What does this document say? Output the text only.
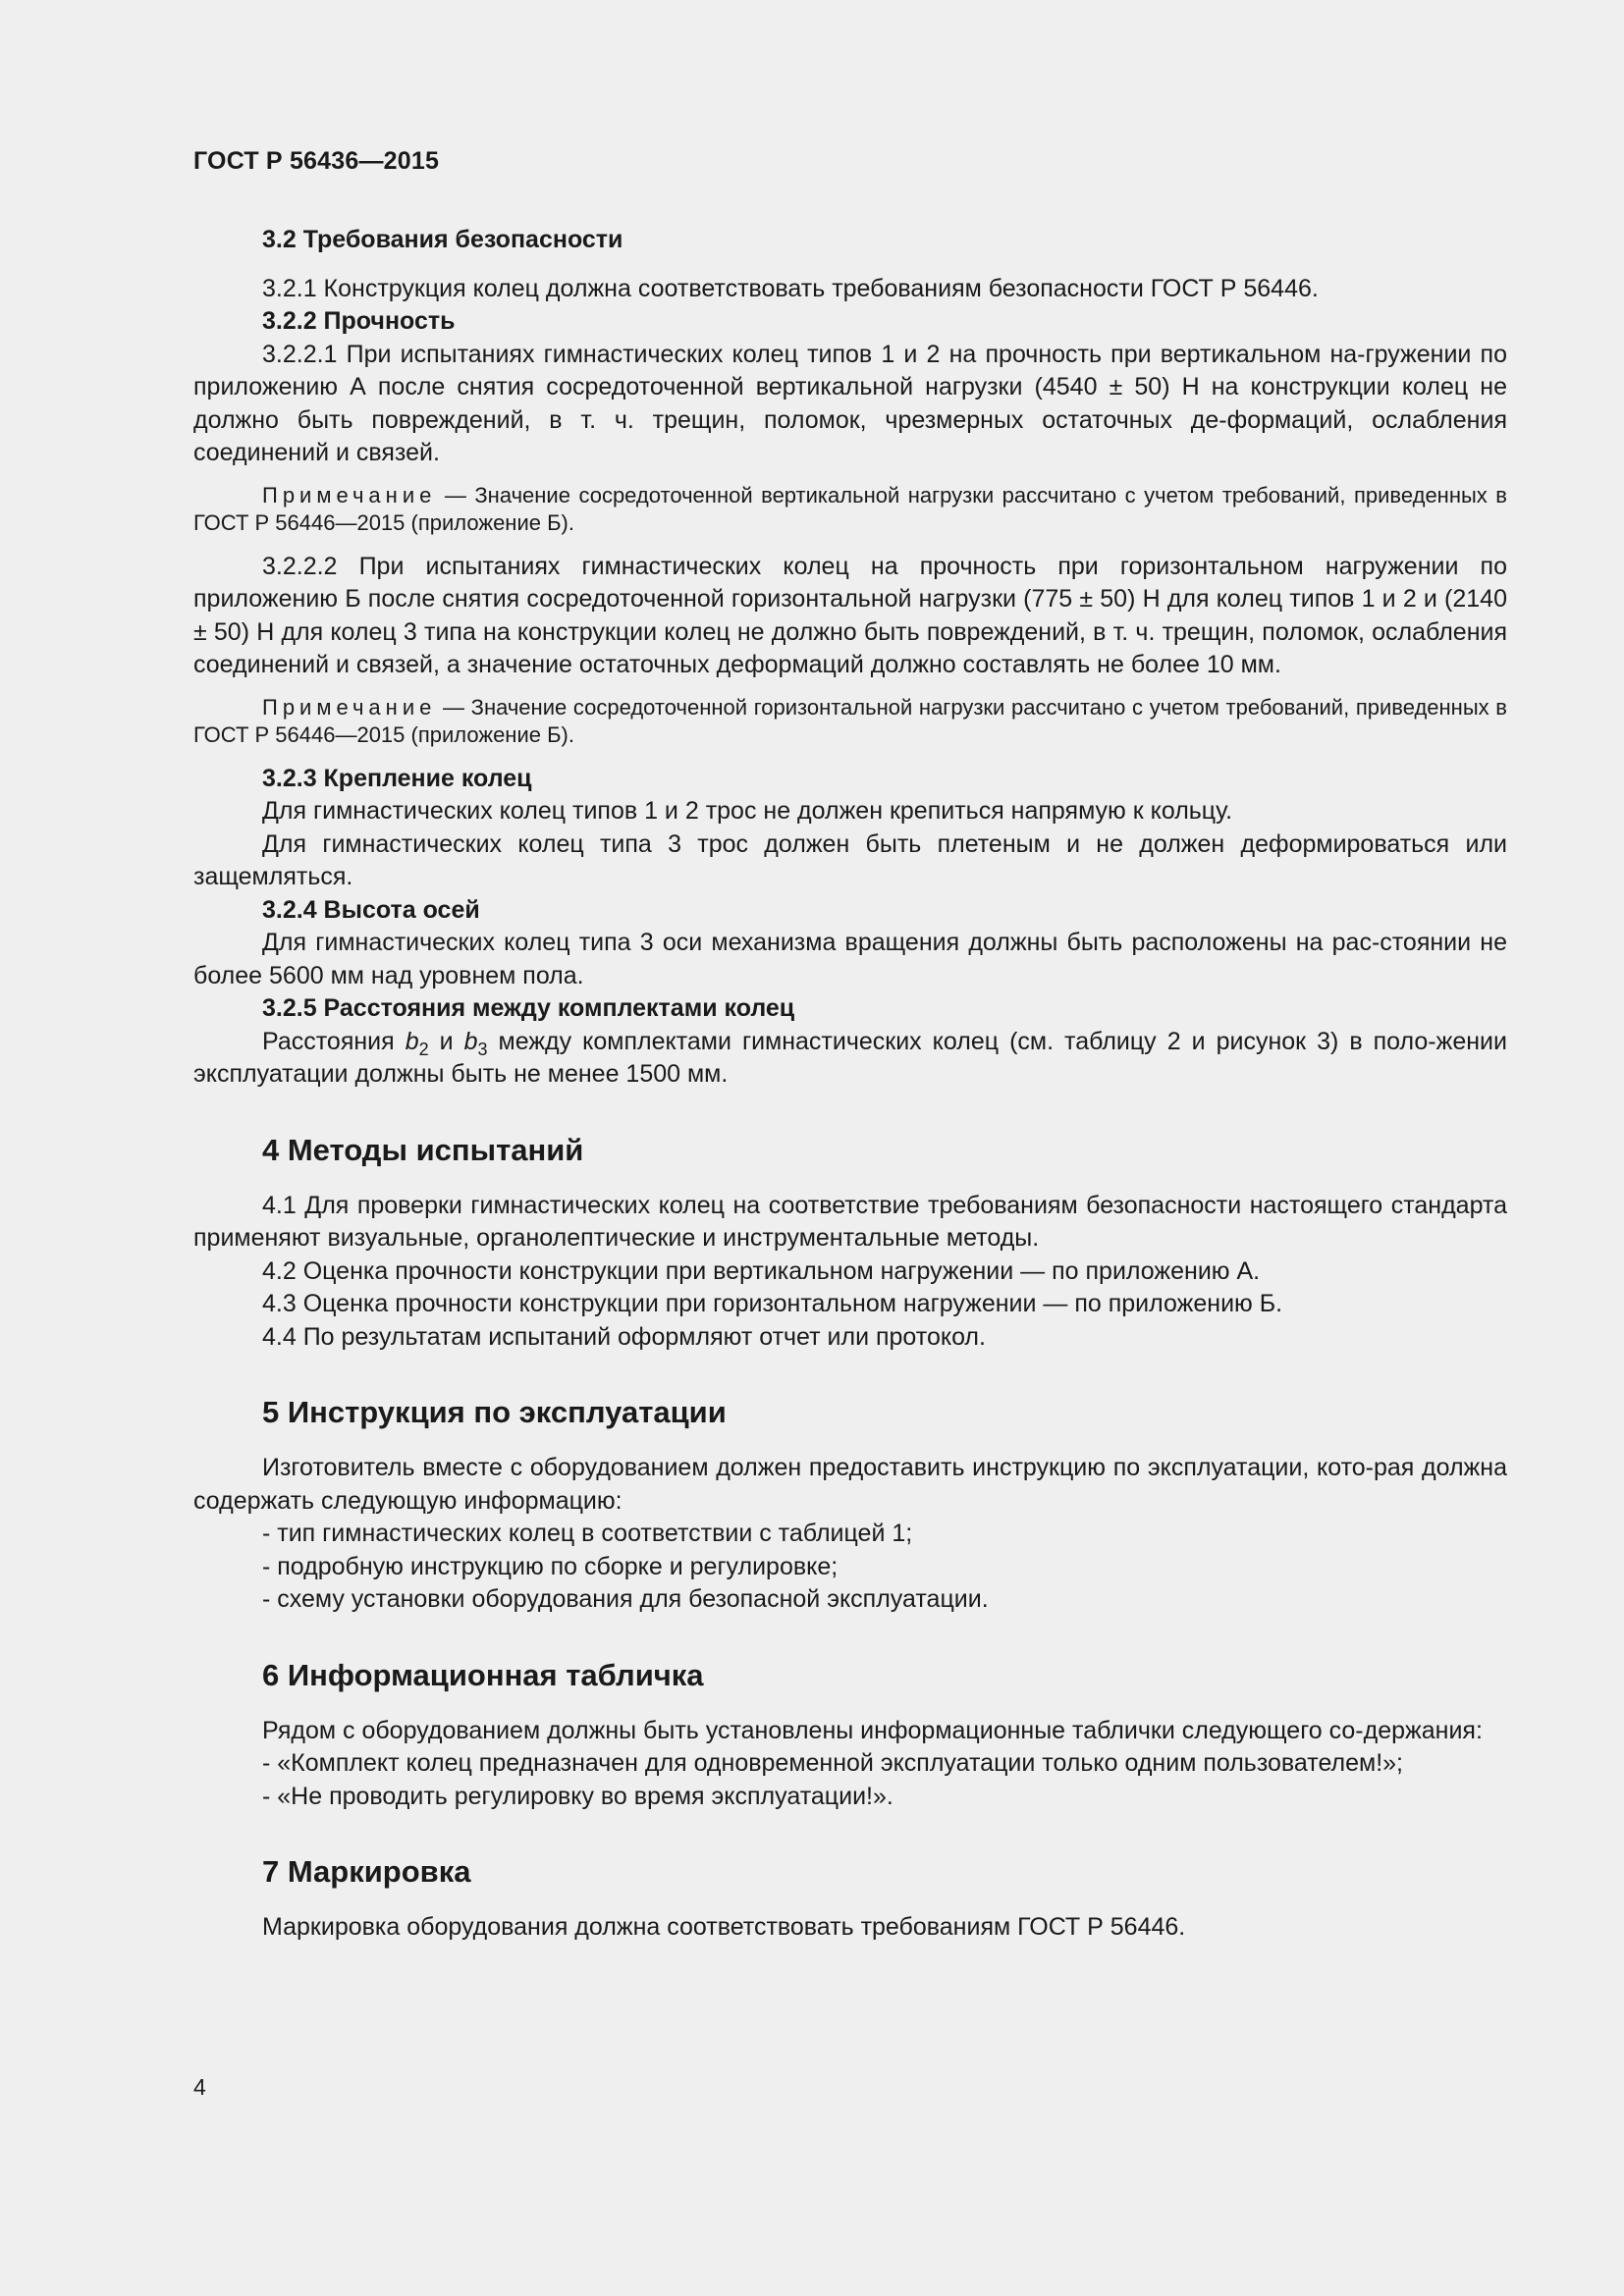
ГОСТ Р 56436—2015

3.2 Требования безопасности

3.2.1 Конструкция колец должна соответствовать требованиям безопасности ГОСТ Р 56446.

3.2.2 Прочность

3.2.2.1 При испытаниях гимнастических колец типов 1 и 2 на прочность при вертикальном на-гружении по приложению А после снятия сосредоточенной вертикальной нагрузки (4540 ± 50) Н на конструкции колец не должно быть повреждений, в т. ч. трещин, поломок, чрезмерных остаточных де-формаций, ослабления соединений и связей.

Примечание — Значение сосредоточенной вертикальной нагрузки рассчитано с учетом требований, приведенных в ГОСТ Р 56446—2015 (приложение Б).

3.2.2.2 При испытаниях гимнастических колец на прочность при горизонтальном нагружении по приложению Б после снятия сосредоточенной горизонтальной нагрузки (775 ± 50) Н для колец типов 1 и 2 и (2140 ± 50) Н для колец 3 типа на конструкции колец не должно быть повреждений, в т. ч. трещин, поломок, ослабления соединений и связей, а значение остаточных деформаций должно составлять не более 10 мм.

Примечание — Значение сосредоточенной горизонтальной нагрузки рассчитано с учетом требований, приведенных в ГОСТ Р 56446—2015 (приложение Б).

3.2.3 Крепление колец

Для гимнастических колец типов 1 и 2 трос не должен крепиться напрямую к кольцу.

Для гимнастических колец типа 3 трос должен быть плетеным и не должен деформироваться или защемляться.

3.2.4 Высота осей

Для гимнастических колец типа 3 оси механизма вращения должны быть расположены на рас-стоянии не более 5600 мм над уровнем пола.

3.2.5 Расстояния между комплектами колец

Расстояния $b_2$ и $b_3$ между комплектами гимнастических колец (см. таблицу 2 и рисунок 3) в поло-жении эксплуатации должны быть не менее 1500 мм.

4 Методы испытаний

4.1 Для проверки гимнастических колец на соответствие требованиям безопасности настоящего стандарта применяют визуальные, органолептические и инструментальные методы.

4.2 Оценка прочности конструкции при вертикальном нагружении — по приложению А.

4.3 Оценка прочности конструкции при горизонтальном нагружении — по приложению Б.

4.4 По результатам испытаний оформляют отчет или протокол.

5 Инструкция по эксплуатации

Изготовитель вместе с оборудованием должен предоставить инструкцию по эксплуатации, кото-рая должна содержать следующую информацию:

- тип гимнастических колец в соответствии с таблицей 1;

- подробную инструкцию по сборке и регулировке;

- схему установки оборудования для безопасной эксплуатации.

6 Информационная табличка

Рядом с оборудованием должны быть установлены информационные таблички следующего со-держания:

- «Комплект колец предназначен для одновременной эксплуатации только одним пользователем!»;

- «Не проводить регулировку во время эксплуатации!».

7 Маркировка

Маркировка оборудования должна соответствовать требованиям ГОСТ Р 56446.

4
